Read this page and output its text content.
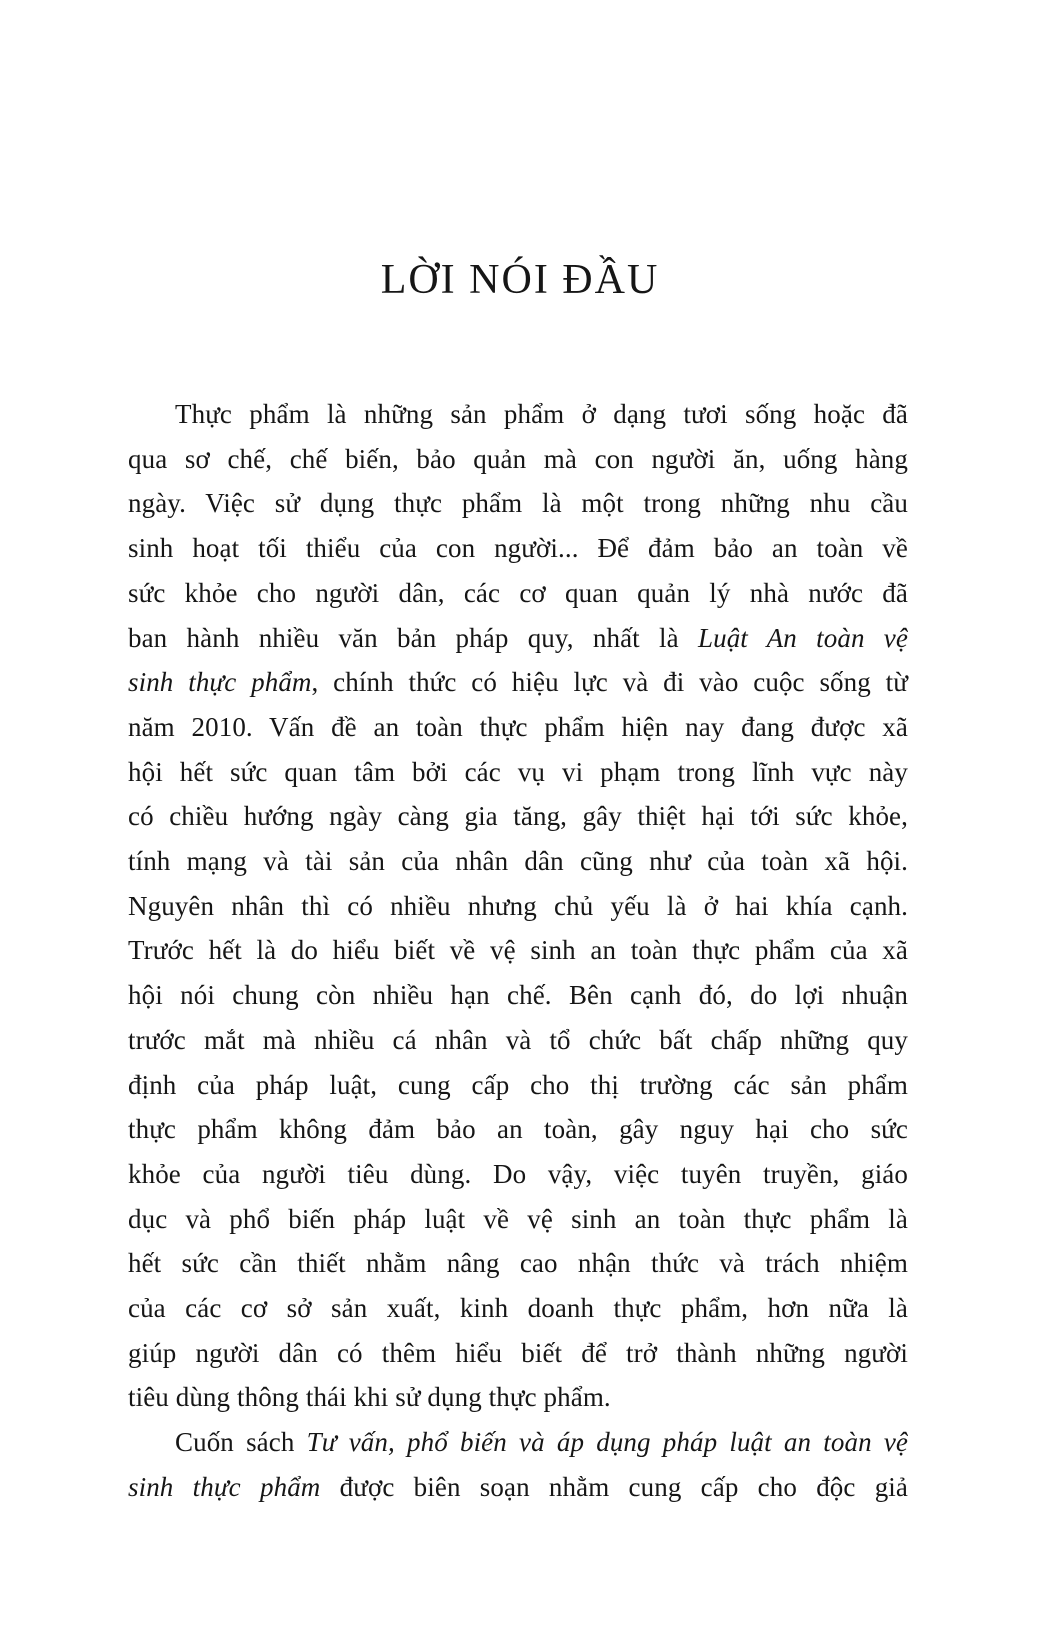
LỜI NÓI ĐẦU
Thực phẩm là những sản phẩm ở dạng tươi sống hoặc đã
qua sơ chế, chế biến, bảo quản mà con người ăn, uống hàng
ngày. Việc sử dụng thực phẩm là một trong những nhu cầu
sinh hoạt tối thiểu của con người... Để đảm bảo an toàn về
sức khỏe cho người dân, các cơ quan quản lý nhà nước đã
ban hành nhiều văn bản pháp quy, nhất là Luật An toàn vệ
sinh thực phẩm, chính thức có hiệu lực và đi vào cuộc sống từ
năm 2010. Vấn đề an toàn thực phẩm hiện nay đang được xã
hội hết sức quan tâm bởi các vụ vi phạm trong lĩnh vực này
có chiều hướng ngày càng gia tăng, gây thiệt hại tới sức khỏe,
tính mạng và tài sản của nhân dân cũng như của toàn xã hội.
Nguyên nhân thì có nhiều nhưng chủ yếu là ở hai khía cạnh.
Trước hết là do hiểu biết về vệ sinh an toàn thực phẩm của xã
hội nói chung còn nhiều hạn chế. Bên cạnh đó, do lợi nhuận
trước mắt mà nhiều cá nhân và tổ chức bất chấp những quy
định của pháp luật, cung cấp cho thị trường các sản phẩm
thực phẩm không đảm bảo an toàn, gây nguy hại cho sức
khỏe của người tiêu dùng. Do vậy, việc tuyên truyền, giáo
dục và phổ biến pháp luật về vệ sinh an toàn thực phẩm là
hết sức cần thiết nhằm nâng cao nhận thức và trách nhiệm
của các cơ sở sản xuất, kinh doanh thực phẩm, hơn nữa là
giúp người dân có thêm hiểu biết để trở thành những người
tiêu dùng thông thái khi sử dụng thực phẩm.
Cuốn sách Tư vấn, phổ biến và áp dụng pháp luật an toàn vệ
sinh thực phẩm được biên soạn nhằm cung cấp cho độc giả
